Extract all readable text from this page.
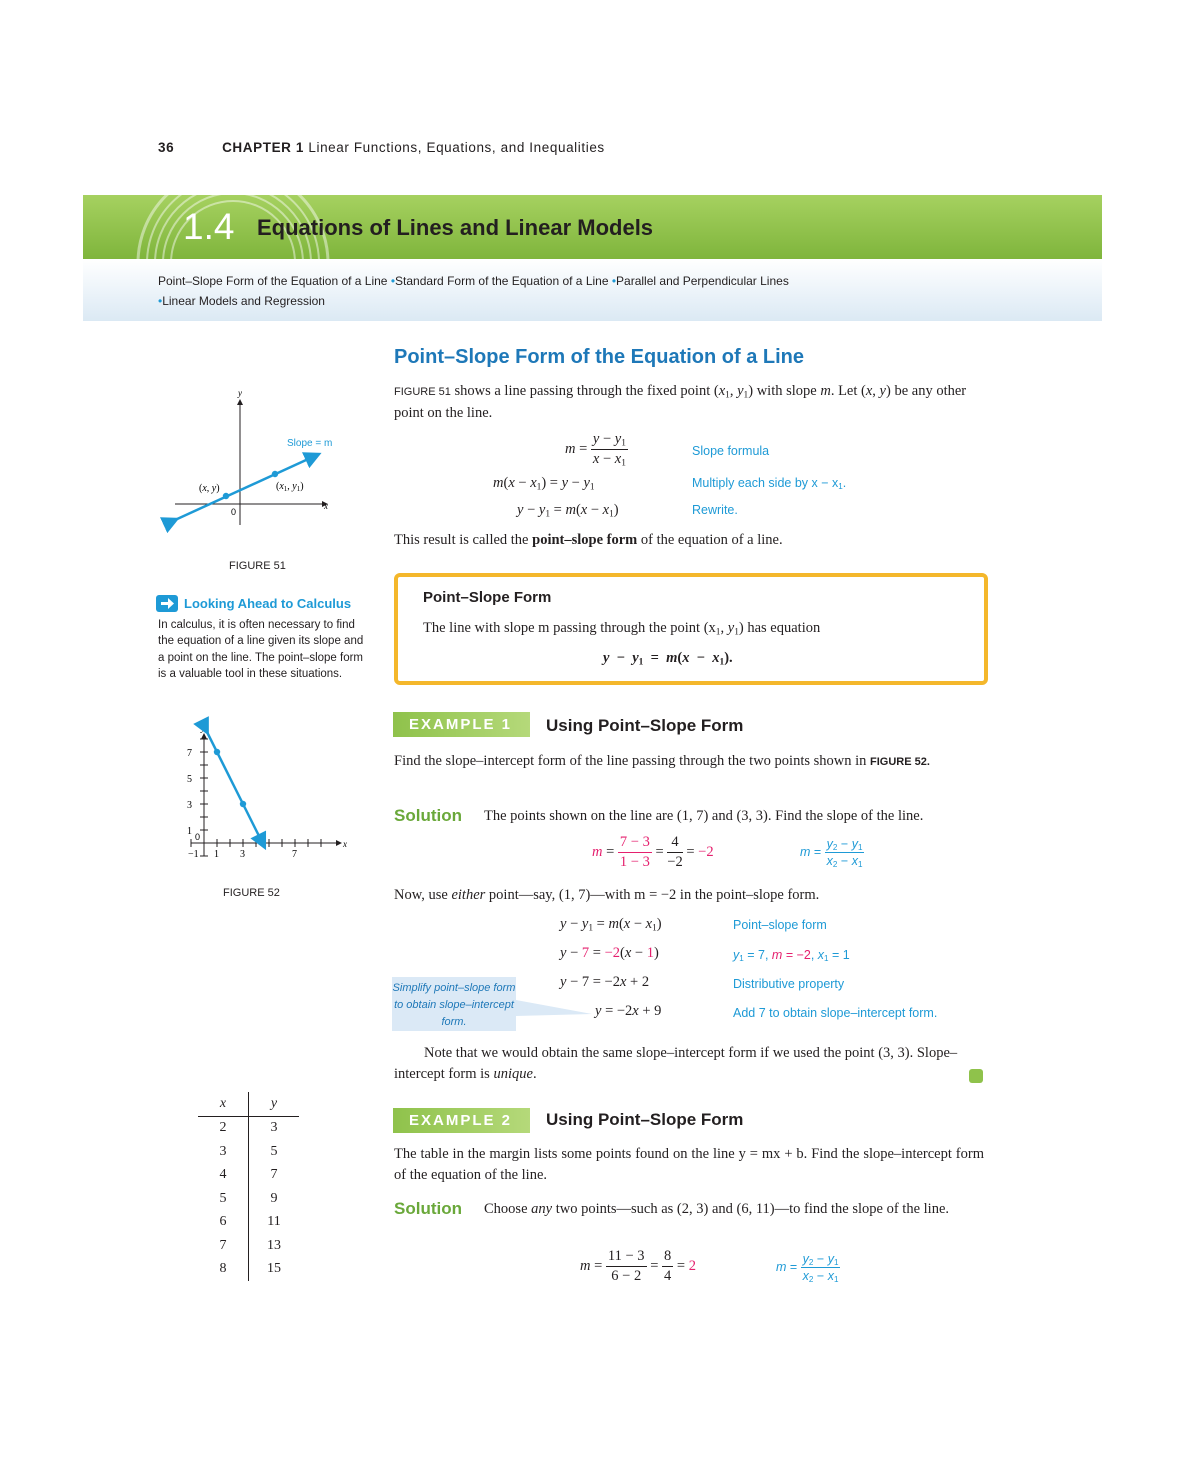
36	CHAPTER 1 Linear Functions, Equations, and Inequalities
1.4 Equations of Lines and Linear Models
Point–Slope Form of the Equation of a Line •Standard Form of the Equation of a Line •Parallel and Perpendicular Lines
•Linear Models and Regression
Point–Slope Form of the Equation of a Line
FIGURE 51 shows a line passing through the fixed point ($x_1$, $y_1$) with slope m. Let (x, y) be any other point on the line.
$m = \frac{y - y_1}{x - x_1}$	Slope formula
$m(x - x_1) = y - y_1$	Multiply each side by $x - x_1$.
$y - y_1 = m(x - x_1)$	Rewrite.
This result is called the point–slope form of the equation of a line.
Point–Slope Form
The line with slope m passing through the point ($x_1$, $y_1$) has equation
$y - y_1 = m(x - x_1)$.
EXAMPLE 1	Using Point–Slope Form
Find the slope–intercept form of the line passing through the two points shown in FIGURE 52.
Solution The points shown on the line are (1, 7) and (3, 3). Find the slope of the line.
$m = \frac{7 - 3}{1 - 3} = \frac{4}{-2} = -2$	$m = \frac{y_2 - y_1}{x_2 - x_1}$
Now, use either point—say, (1, 7)—with m = −2 in the point–slope form.
$y - y_1 = m(x - x_1)$	Point–slope form
y − 7 = −2(x − 1)	$y_1 = 7$, m = −2, $x_1 = 1$
y − 7 = −2x + 2	Distributive property
y = −2x + 9	Add 7 to obtain slope–intercept form.
Simplify point–slope form to obtain slope–intercept form.
Note that we would obtain the same slope–intercept form if we used the point (3, 3). Slope–intercept form is unique.
EXAMPLE 2	Using Point–Slope Form
The table in the margin lists some points found on the line y = mx + b. Find the slope–intercept form of the equation of the line.
Solution	Choose any two points—such as (2, 3) and (6, 11)—to find the slope of the line.
$m = \frac{11 - 3}{6 - 2} = \frac{8}{4} = 2$	$m = \frac{y_2 - y_1}{x_2 - x_1}$
y
x
0
(x, y)	($x_1$, $y_1$)
Slope = m
FIGURE 51
Looking Ahead to Calculus
In calculus, it is often necessary to find the equation of a line given its slope and a point on the line. The point–slope form is a valuable tool in these situations.
−1 1 3	7
1
3
5
7
0
x
y
FIGURE 52
x	y
2	3
3	5
4	7
5	9
6	11
7	13
8	15
